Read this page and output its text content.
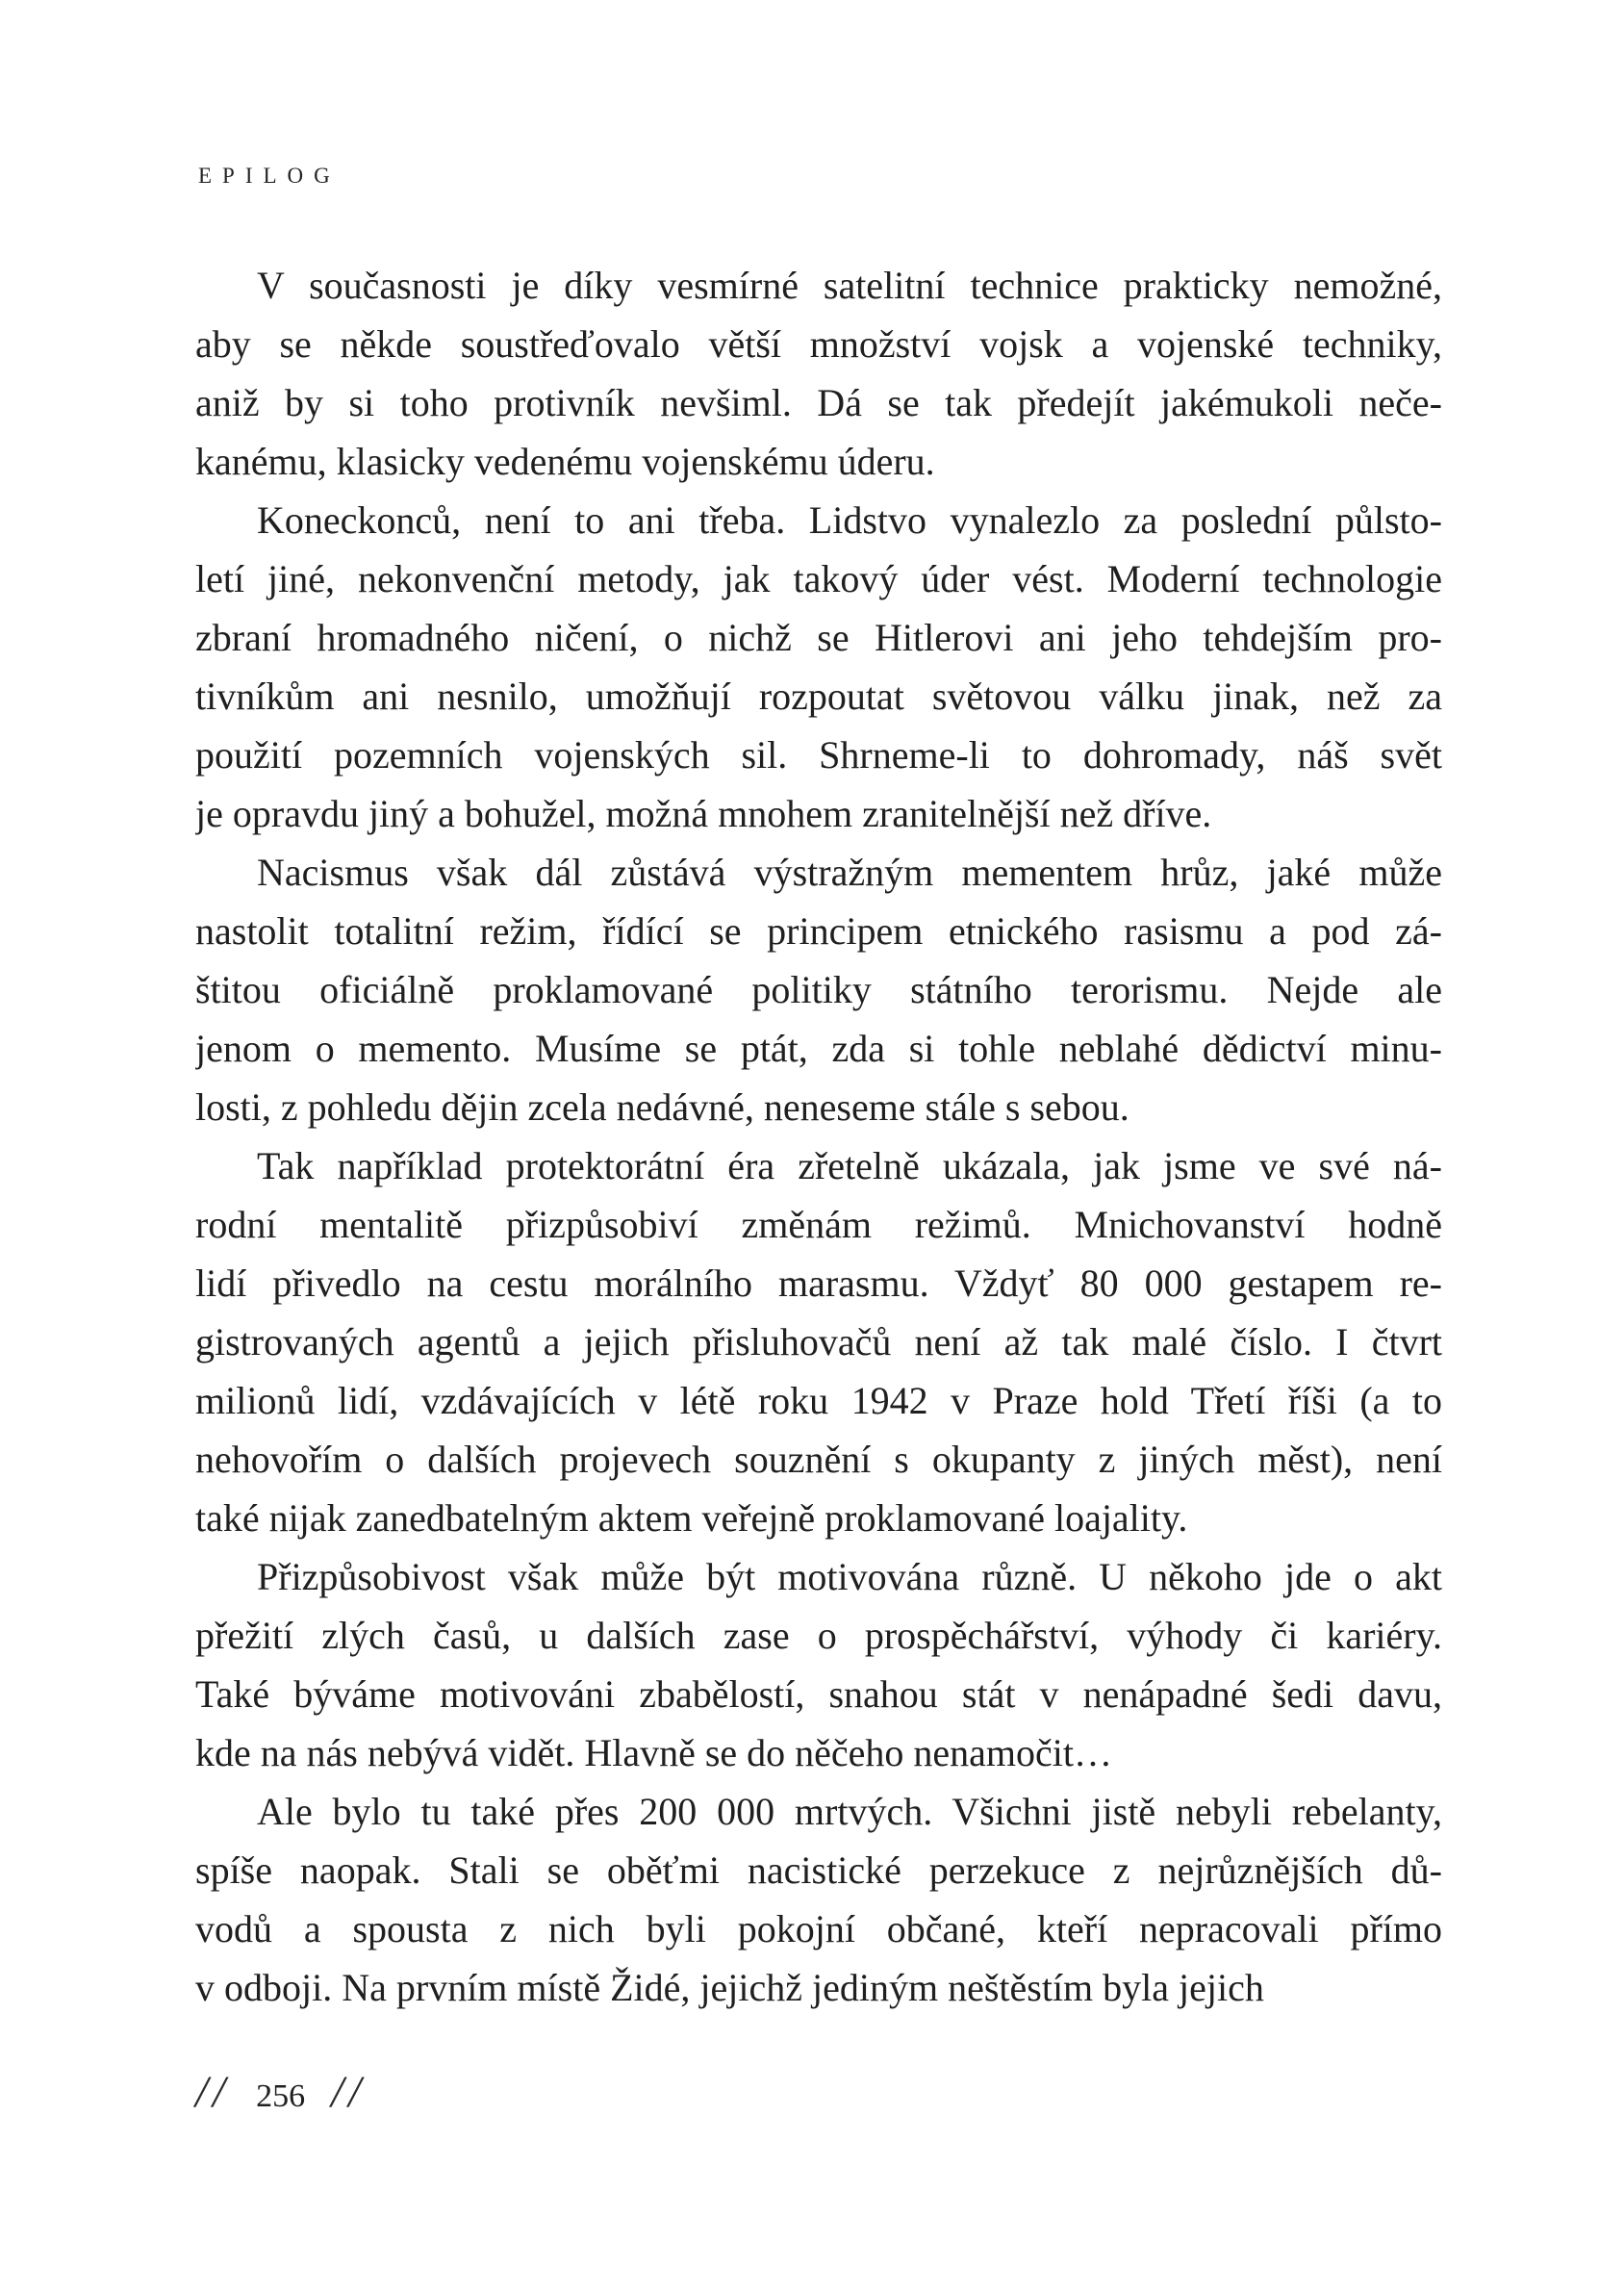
EPILOG
V současnosti je díky vesmírné satelitní technice prakticky nemožné,
aby se někde soustřeďovalo větší množství vojsk a vojenské techniky,
aniž by si toho protivník nevšiml. Dá se tak předejít jakémukoli neče-
kanému, klasicky vedenému vojenskému úderu.
Koneckonců, není to ani třeba. Lidstvo vynalezlo za poslední půlsto-
letí jiné, nekonvenční metody, jak takový úder vést. Moderní technologie
zbraní hromadného ničení, o nichž se Hitlerovi ani jeho tehdejším pro-
tivníkům ani nesnilo, umožňují rozpoutat světovou válku jinak, než za
použití pozemních vojenských sil. Shrneme-li to dohromady, náš svět
je opravdu jiný a bohužel, možná mnohem zranitelnější než dříve.
Nacismus však dál zůstává výstražným mementem hrůz, jaké může
nastolit totalitní režim, řídící se principem etnického rasismu a pod zá-
štitou oficiálně proklamované politiky státního terorismu. Nejde ale
jenom o memento. Musíme se ptát, zda si tohle neblahé dědictví minu-
losti, z pohledu dějin zcela nedávné, neneseme stále s sebou.
Tak například protektorátní éra zřetelně ukázala, jak jsme ve své ná-
rodní mentalitě přizpůsobiví změnám režimů. Mnichovanství hodně
lidí přivedlo na cestu morálního marasmu. Vždyť 80 000 gestapem re-
gistrovaných agentů a jejich přisluhovačů není až tak malé číslo. I čtvrt
milionů lidí, vzdávajících v létě roku 1942 v Praze hold Třetí říši (a to
nehovořím o dalších projevech souznění s okupanty z jiných měst), není
také nijak zanedbatelným aktem veřejně proklamované loajality.
Přizpůsobivost však může být motivována různě. U někoho jde o akt
přežití zlých časů, u dalších zase o prospěchářství, výhody či kariéry.
Také býváme motivováni zbabělostí, snahou stát v nenápadné šedi davu,
kde na nás nebývá vidět. Hlavně se do něčeho nenamočit…
Ale bylo tu také přes 200 000 mrtvých. Všichni jistě nebyli rebelanty,
spíše naopak. Stali se oběťmi nacistické perzekuce z nejrůznějších dů-
vodů a spousta z nich byli pokojní občané, kteří nepracovali přímo
v odboji. Na prvním místě Židé, jejichž jediným neštěstím byla jejich
// 256 //
